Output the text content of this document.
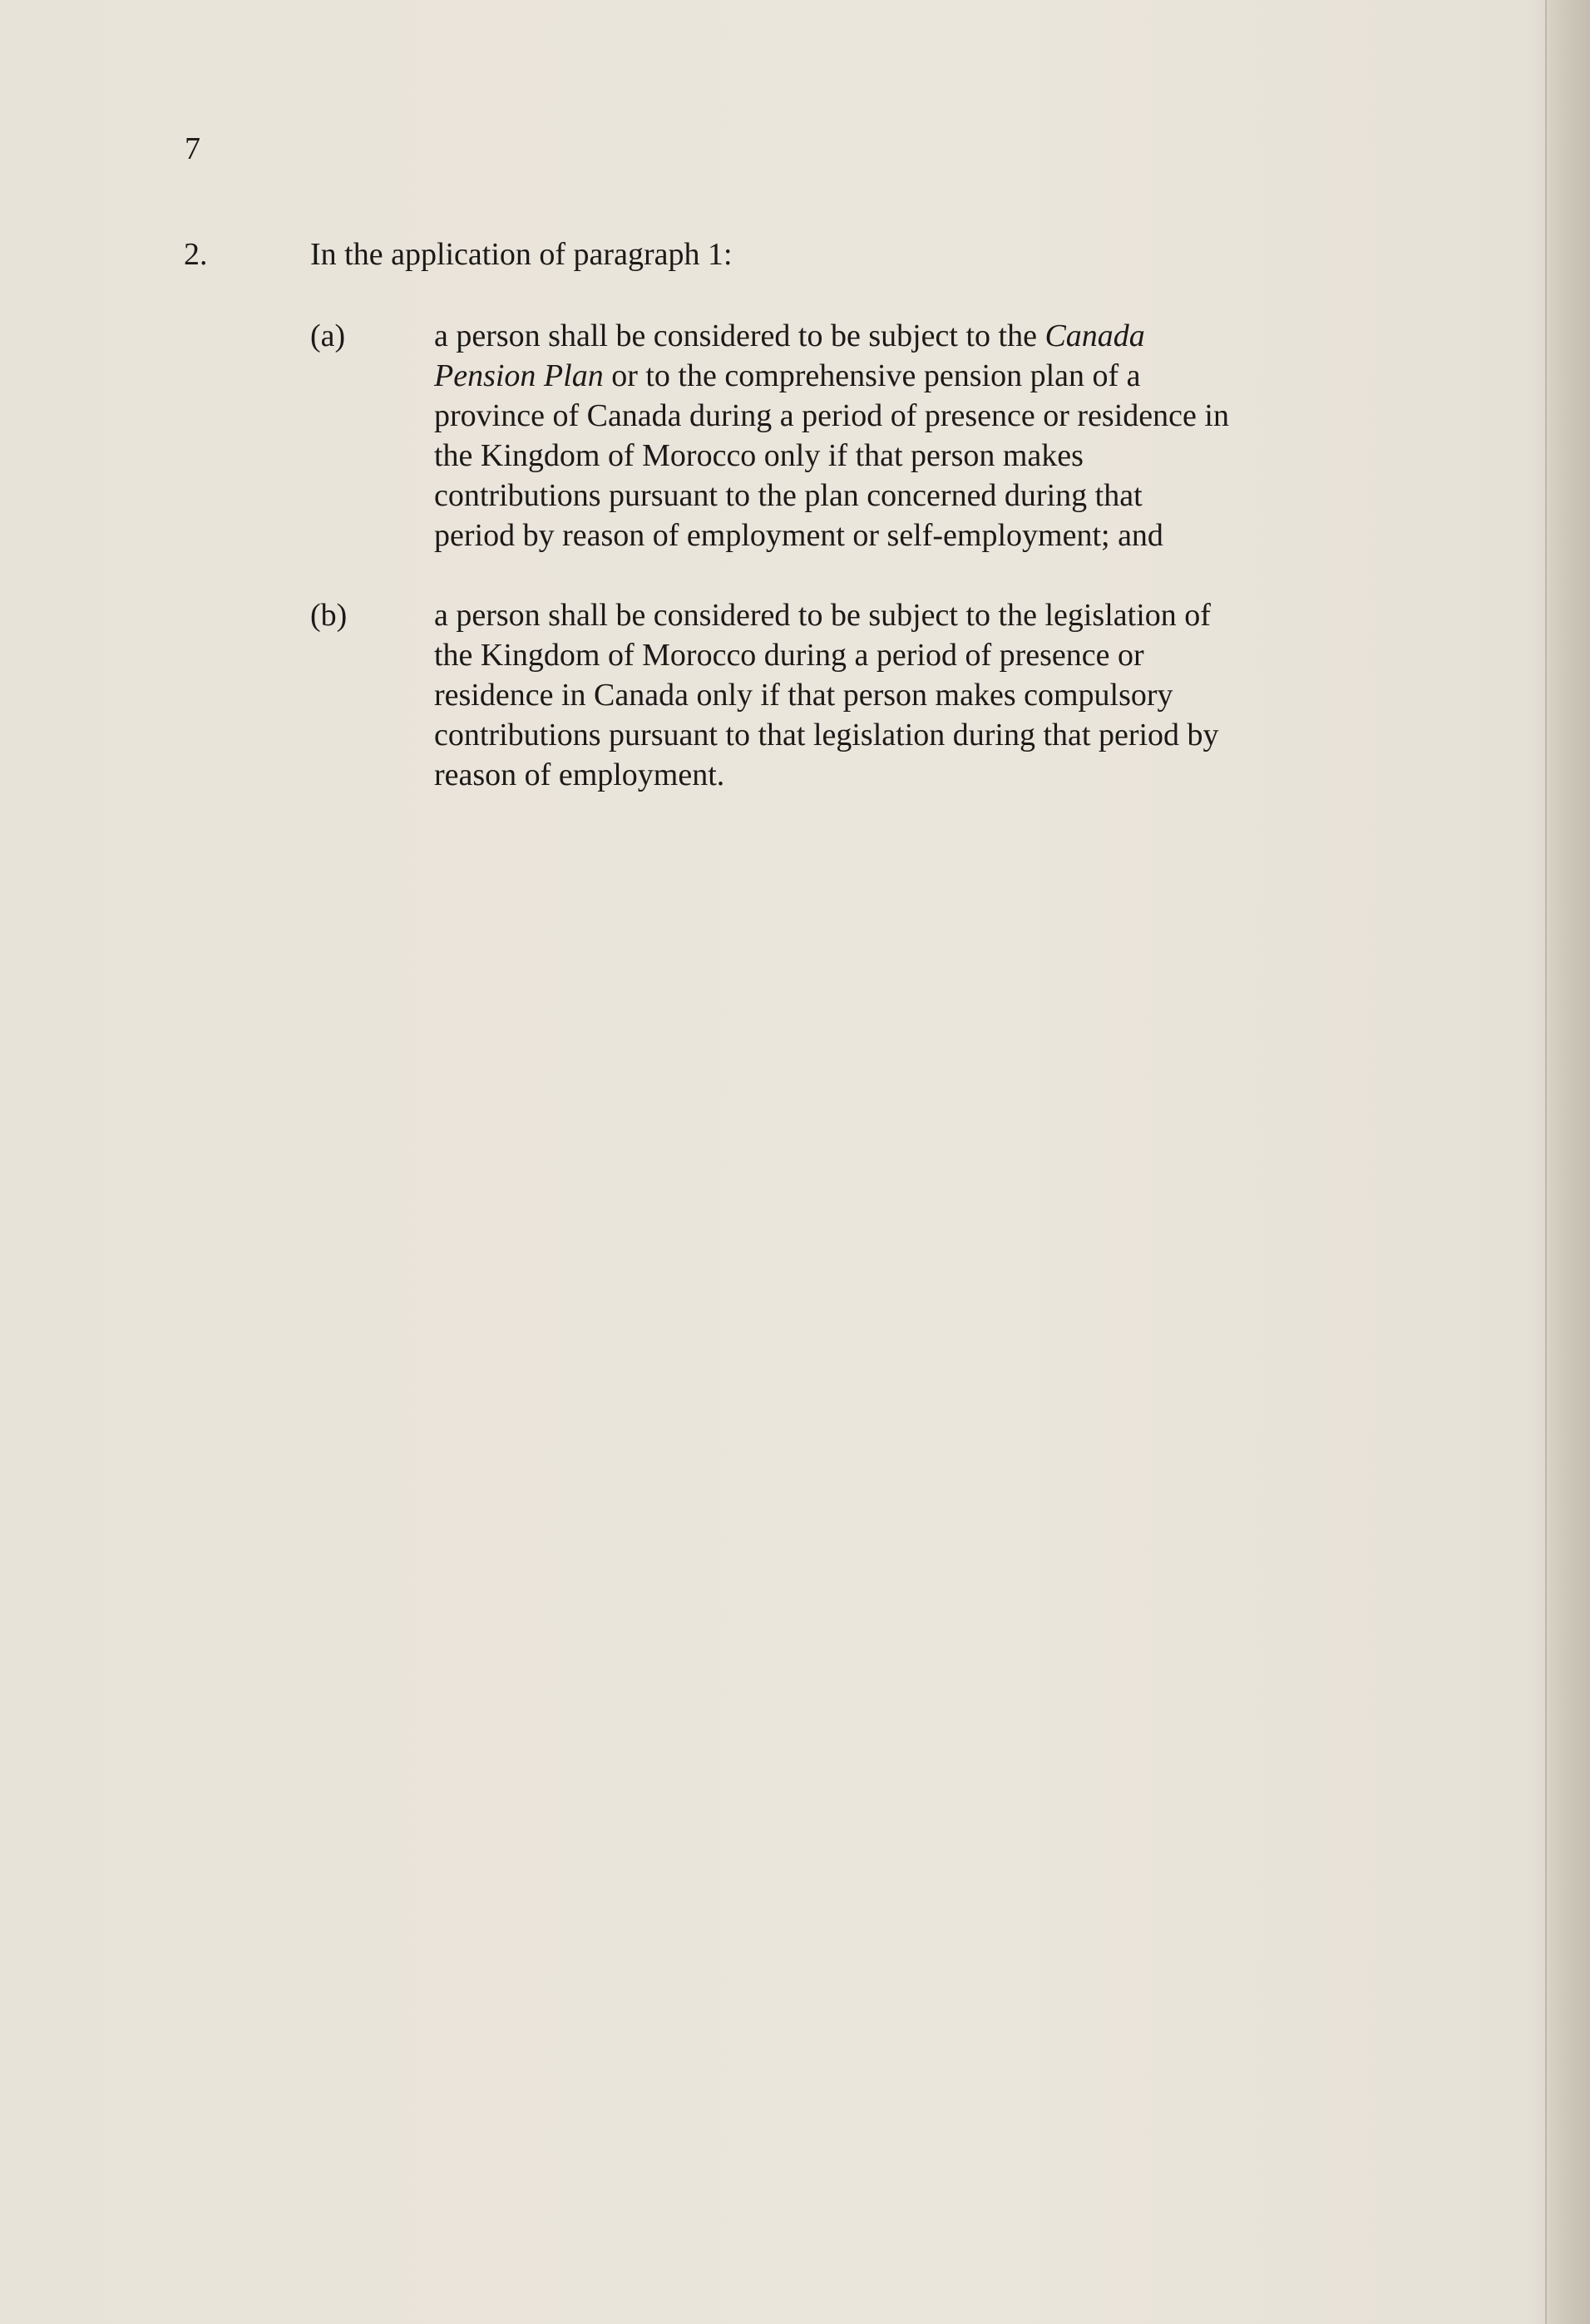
7
2.	In the application of paragraph 1:
(a)	a person shall be considered to be subject to the Canada
Pension Plan or to the comprehensive pension plan of a
province of Canada during a period of presence or residence in
the Kingdom of Morocco only if that person makes
contributions pursuant to the plan concerned during that
period by reason of employment or self-employment; and
(b)	a person shall be considered to be subject to the legislation of
the Kingdom of Morocco during a period of presence or
residence in Canada only if that person makes compulsory
contributions pursuant to that legislation during that period by
reason of employment.
